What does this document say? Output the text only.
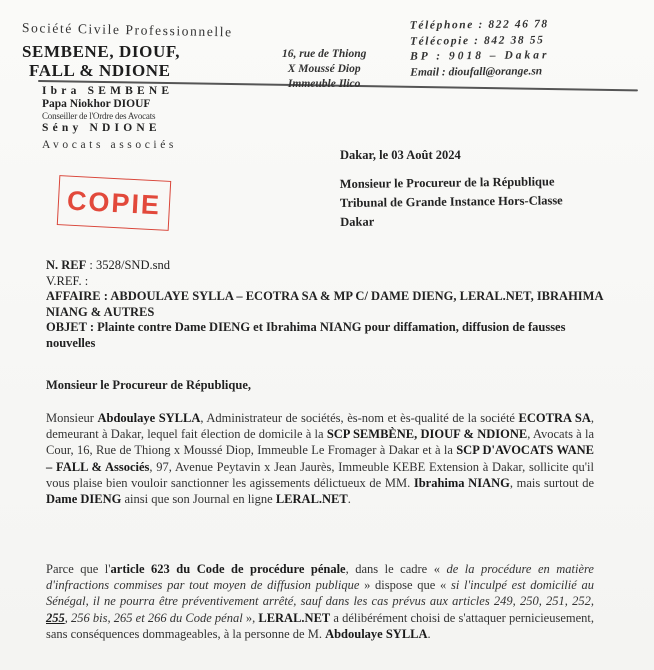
Société Civile Professionnelle
SEMBENE, DIOUF,
FALL & NDIONE
Ibra SEMBENE
Papa Niokhor DIOUF
Conseiller de l'Ordre des Avocats
Sény NDIONE
Avocats associés
16, rue de Thiong
X Moussé Diop
Immeuble Ilico
Téléphone : 822 46 78
Télécopie : 842 38 55
BP : 9018 – Dakar
Email : dioufall@orange.sn
COPIE
Dakar, le 03 Août 2024
Monsieur le Procureur de la République
Tribunal de Grande Instance Hors-Classe
Dakar
N. REF : 3528/SND.snd
V.REF. :
AFFAIRE : ABDOULAYE SYLLA – ECOTRA SA & MP C/ DAME DIENG, LERAL.NET, IBRAHIMA NIANG & AUTRES
OBJET : Plainte contre Dame DIENG et Ibrahima NIANG pour diffamation, diffusion de fausses nouvelles
Monsieur le Procureur de République,
Monsieur Abdoulaye SYLLA, Administrateur de sociétés, ès-nom et ès-qualité de la société ECOTRA SA, demeurant à Dakar, lequel fait élection de domicile à la SCP SEMBÈNE, DIOUF & NDIONE, Avocats à la Cour, 16, Rue de Thiong x Moussé Diop, Immeuble Le Fromager à Dakar et à la SCP D'AVOCATS WANE – FALL & Associés, 97, Avenue Peytavin x Jean Jaurès, Immeuble KEBE Extension à Dakar, sollicite qu'il vous plaise bien vouloir sanctionner les agissements délictueux de MM. Ibrahima NIANG, mais surtout de Dame DIENG ainsi que son Journal en ligne LERAL.NET.
Parce que l'article 623 du Code de procédure pénale, dans le cadre « de la procédure en matière d'infractions commises par tout moyen de diffusion publique » dispose que « si l'inculpé est domicilié au Sénégal, il ne pourra être préventivement arrêté, sauf dans les cas prévus aux articles 249, 250, 251, 252, 255, 256 bis, 265 et 266 du Code pénal », LERAL.NET a délibérément choisi de s'attaquer pernicieusement, sans conséquences dommageables, à la personne de M. Abdoulaye SYLLA.
